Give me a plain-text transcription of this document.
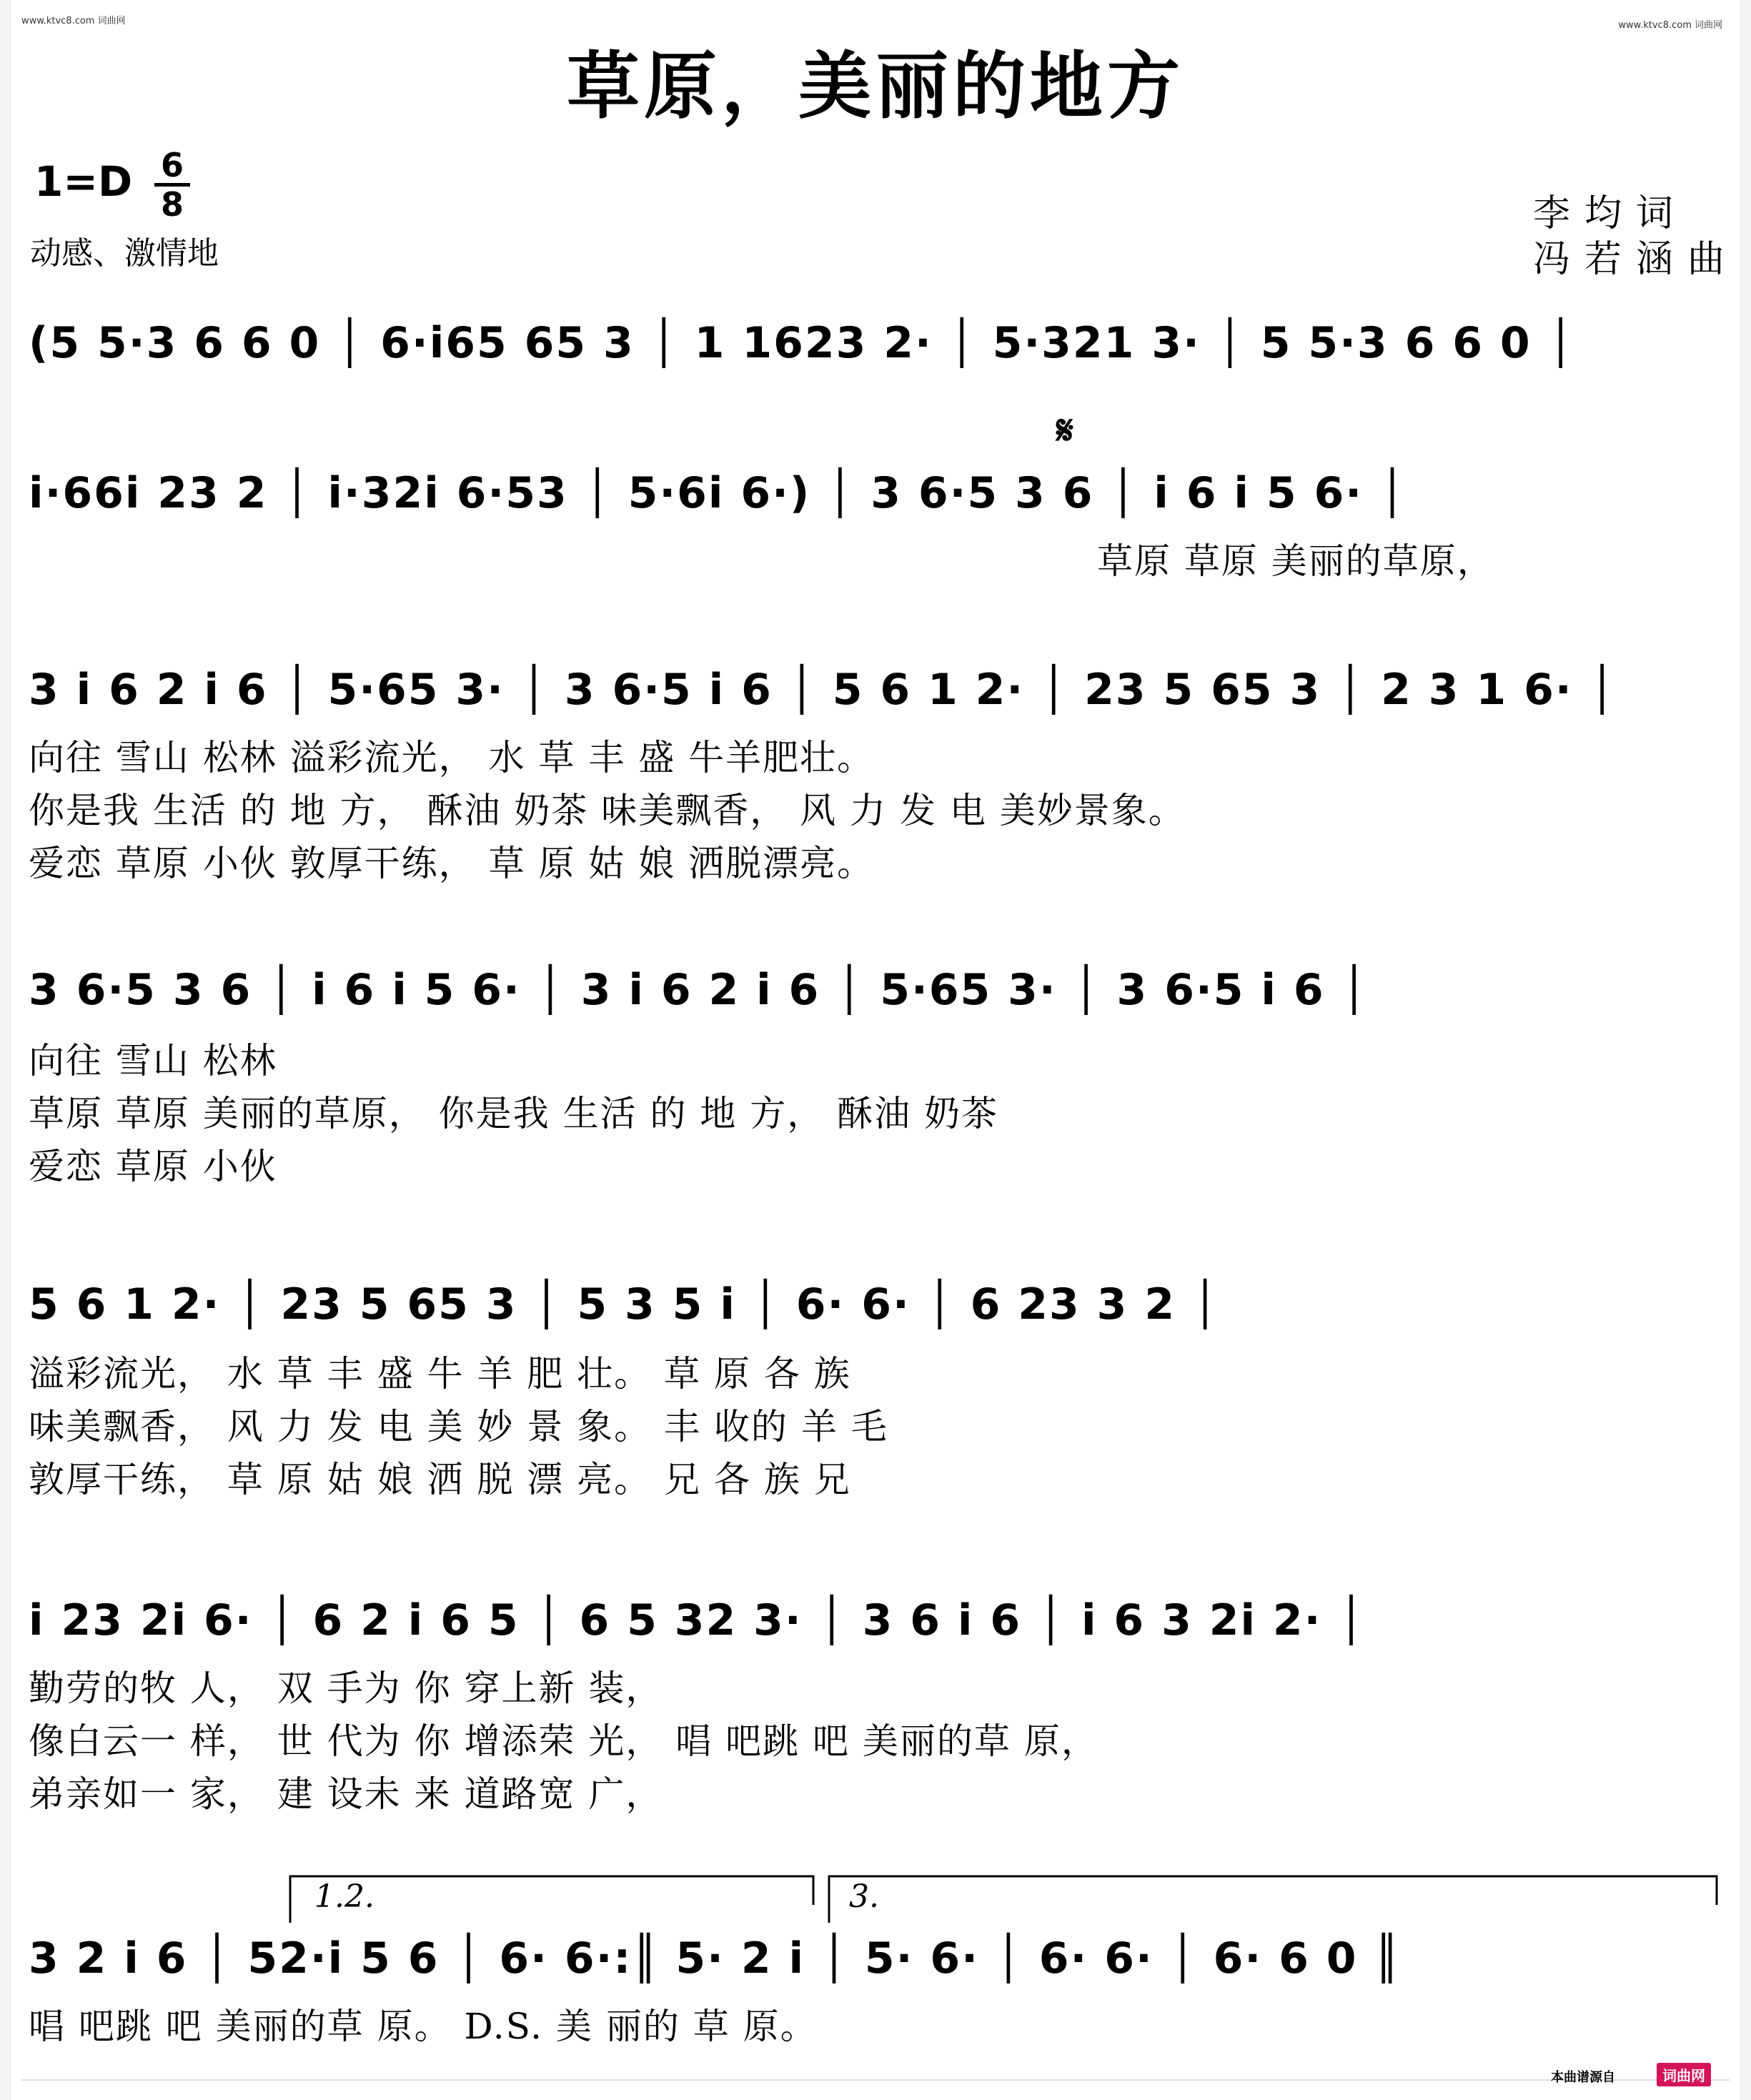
www.ktvc8.com 词曲网	www.ktvc8.com 词曲网
草原，美丽的地方
1=D 6
8
动感、激情地
李均词
冯若涵曲
(5 5·3 6 6 0 │ 6·i65 65 3 │ 1 1623 2· │ 5·321 3· │ 5 5·3 6 6 0 │
𝄋
i·66i 23 2 │ i·32i 6·53 │ 5·6i 6·) │ 3 6·5 3 6 │ i 6 i 5 6· │
草原 草原 美丽的草原，
3 i 6 2 i 6 │ 5·65 3· │ 3 6·5 i 6 │ 5 6 1 2· │ 23 5 65 3 │ 2 3 1 6· │
向往 雪山 松林 溢彩流光， 水 草 丰 盛 牛羊肥壮。
你是我 生活 的 地 方， 酥油 奶茶 味美飘香， 风 力 发 电 美妙景象。
爱恋 草原 小伙 敦厚干练， 草 原 姑 娘 洒脱漂亮。
3 6·5 3 6 │ i 6 i 5 6· │ 3 i 6 2 i 6 │ 5·65 3· │ 3 6·5 i 6 │
向往 雪山 松林
草原 草原 美丽的草原， 你是我 生活 的 地 方， 酥油 奶茶
爱恋 草原 小伙
5 6 1 2· │ 23 5 65 3 │ 5 3 5 i │ 6· 6· │ 6 23 3 2 │
溢彩流光， 水 草 丰 盛 牛 羊 肥 壮。 草 原 各 族
味美飘香， 风 力 发 电 美 妙 景 象。 丰 收的 羊 毛
敦厚干练， 草 原 姑 娘 洒 脱 漂 亮。 兄 各 族 兄
i 23 2i 6· │ 6 2 i 6 5 │ 6 5 32 3· │ 3 6 i 6 │ i 6 3 2i 2· │
勤劳的牧 人， 双 手为 你 穿上新 装，
像白云一 样， 世 代为 你 增添荣 光， 唱 吧跳 吧 美丽的草 原，
弟亲如一 家， 建 设未 来 道路宽 广，
1.2.	3.
3 2 i 6 │ 52·i 5 6 │ 6· 6·:║ 5· 2 i │ 5· 6· │ 6· 6· │ 6· 6 0 ║
唱 吧跳 吧 美丽的草 原。 D.S. 美 丽的 草 原。
本曲谱源自	词曲网
